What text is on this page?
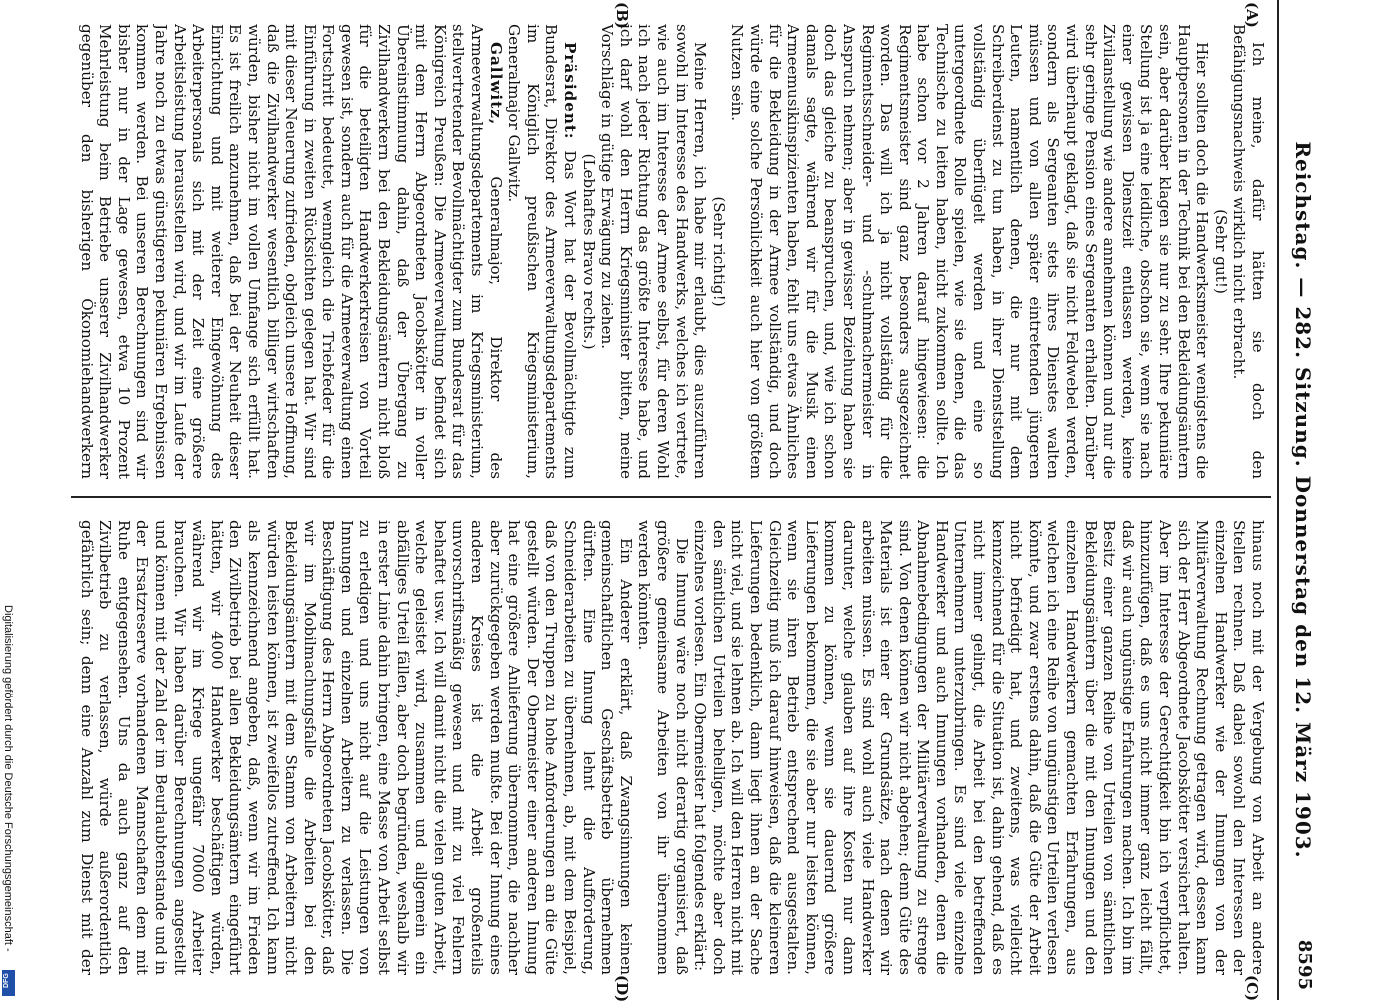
Reichstag. — 282. Sitzung. Donnerstag den 12. März 1903.
8595
(A)
(B)
(C)
(D)

Ich meine, dafür hätten sie doch den Befähigungsnachweis wirklich nicht erbracht.

(Sehr gut!)

Hier sollten doch die Handwerksmeister wenigstens die Hauptpersonen in der Technik bei den Bekleidungsämtern sein, aber darüber klagen sie nur zu sehr. Ihre pekuniäre Stellung ist ja eine leidliche, obschon sie, wenn sie nach einer gewissen Dienstzeit entlassen werden, keine Zivilanstellung wie andere annehmen können und nur die sehr geringe Pension eines Sergeanten erhalten. Darüber wird überhaupt geklagt, daß sie nicht Feldwebel werden, sondern als Sergeanten stets ihres Dienstes walten müssen und von allen später eintretenden jüngeren Leuten, namentlich denen, die nur mit dem Schreiberdienst zu tun haben, in ihrer Dienststellung vollständig überflügelt werden und eine so untergeordnete Rolle spielen, wie sie denen, die das Technische zu leiten haben, nicht zukommen sollte. Ich habe schon vor 2 Jahren darauf hingewiesen: die Regimentsmeister sind ganz besonders ausgezeichnet worden. Das will ich ja nicht vollständig für die Regimentsschneider- und -schuhmachermeister in Anspruch nehmen; aber in gewisser Beziehung haben sie doch das gleiche zu beanspruchen, und, wie ich schon damals sagte, während wir für die Musik einen Armeemusikinspizienten haben, fehlt uns etwas Ähnliches für die Bekleidung in der Armee vollständig, und doch würde eine solche Persönlichkeit auch hier von größtem Nutzen sein.

(Sehr richtig!)

Meine Herren, ich habe mir erlaubt, dies auszuführen sowohl im Interesse des Handwerks, welches ich vertrete, wie auch im Interesse der Armee selbst, für deren Wohl ich nach jeder Richtung das größte Interesse habe, und ich darf wohl den Herrn Kriegsminister bitten, meine Vorschläge in gütige Erwägung zu ziehen.

(Lebhaftes Bravo rechts.)

Präsident: Das Wort hat der Bevollmächtigte zum Bundesrat, Direktor des Armeeverwaltungsdepartements im Königlich preußischen Kriegsministerium, Generalmajor Gallwitz.

Gallwitz, Generalmajor, Direktor des Armeeverwaltungsdepartements im Kriegsministerium, stellvertretender Bevollmächtigter zum Bundesrat für das Königreich Preußen: Die Armeeverwaltung befindet sich mit dem Herrn Abgeordneten Jacobskötter in voller Übereinstimmung dahin, daß der Übergang zu Zivilhandwerkern bei den Bekleidungsämtern nicht bloß für die beteiligten Handwerkerkreisen von Vorteil gewesen ist, sondern auch für die Armeeverwaltung einen Fortschritt bedeutet, wenngleich die Triebfeder für die Einführung in zweiten Rücksichten gelegen hat. Wir sind mit dieser Neuerung zufrieden, obgleich unsere Hoffnung, daß die Zivilhandwerker wesentlich billiger wirtschaften würden, bisher nicht im vollen Umfange sich erfüllt hat. Es ist freilich anzunehmen, daß bei der Neuheit dieser Einrichtung und mit weiterer Eingewöhnung des Arbeiterpersonals sich mit der Zeit eine größere Arbeitsleistung herausstellen wird, und wir im Laufe der Jahre noch zu etwas günstigeren pekuniären Ergebnissen kommen werden. Bei unseren Berechnungen sind wir bisher nur in der Lage gewesen, etwa 10 Prozent Mehrleistung beim Betriebe unserer Zivilhandwerker gegenüber den bisherigen Ökonomiehandwerkern

hinaus noch mit der Vergebung von Arbeit an andere Stellen rechnen. Daß dabei sowohl den Interessen der einzelnen Handwerker wie der Innungen von der Militärverwaltung Rechnung getragen wird, dessen kann sich der Herr Abgeordnete Jacobskötter versichert halten. Aber im Interesse der Gerechtigkeit bin ich verpflichtet, hinzuzufügen, daß es uns nicht immer ganz leicht fällt, daß wir auch ungünstige Erfahrungen machen. Ich bin im Besitz einer ganzen Reihe von Urteilen von sämtlichen Bekleidungsämtern über die mit den Innungen und den einzelnen Handwerkern gemachten Erfahrungen, aus welchen ich eine Reihe von ungünstigen Urteilen verlesen könnte, und zwar erstens dahin, daß die Güte der Arbeit nicht befriedigt hat, und zweitens, was vielleicht kennzeichnend für die Situation ist, dahin gehend, daß es nicht immer gelingt, die Arbeit bei den betreffenden Unternehmern unterzubringen. Es sind viele einzelne Handwerker und auch Innungen vorhanden, denen die Abnahmebedingungen der Militärverwaltung zu strenge sind. Von denen können wir nicht abgehen; denn Güte des Materials ist einer der Grundsätze, nach denen wir arbeiten müssen. Es sind wohl auch viele Handwerker darunter, welche glauben auf ihre Kosten nur dann kommen zu können, wenn sie dauernd größere Lieferungen bekommen, die sie aber nur leisten können, wenn sie ihren Betrieb entsprechend ausgestalten. Gleichzeitig muß ich darauf hinweisen, daß die kleineren Lieferungen bedenklich, dann liegt ihnen an der Sache nicht viel, und sie lehnen ab. Ich will den Herren nicht mit den sämtlichen Urteilen behelligen, möchte aber doch einzelnes vorlesen. Ein Obermeister hat folgendes erklärt:

Die Innung wäre noch nicht derartig organisiert, daß größere gemeinsame Arbeiten von ihr übernommen werden könnten.

Ein Anderer erklärt, daß Zwangsinnungen keinen gemeinschaftlichen Geschäftsbetrieb übernehmen dürften. Eine Innung lehnt die Aufforderung, Schneiderarbeiten zu übernehmen, ab, mit dem Beispiel, daß von den Truppen zu hohe Anforderungen an die Güte gestellt würden. Der Obermeister einer anderen Innung hat eine größere Anlieferung übernommen, die nachher aber zurückgegeben werden mußte. Bei der Innung eines anderen Kreises ist die Arbeit großenteils unvorschriftsmäßig gewesen und mit zu viel Fehlern behaftet usw. Ich will damit nicht die vielen guten Arbeit, welche geleistet wird, zusammen und allgemein ein abfälliges Urteil fällen, aber doch begründen, weshalb wir in erster Linie dahin bringen, eine Masse von Arbeit selbst zu erledigen und uns nicht auf die Leistungen von Innungen und einzelnen Arbeitern zu verlassen. Die Beschäftigung des Herrn Abgeordneten Jacobskötter, daß wir im Mobilmachungsfalle die Arbeiten bei den Bekleidungsämtern mit dem Stamm von Arbeitern nicht würden leisten können, ist zweifellos zutreffend. Ich kann als kennzeichnend angeben, daß, wenn wir im Frieden den Zivilbetrieb bei allen Bekleidungsämtern eingeführt hätten, wir 4000 Handwerker beschäftigen würden, während wir im Kriege ungefähr 70000 Arbeiter brauchen. Wir haben darüber Berechnungen angestellt und können mit der Zahl der im Beurlaubtenstande und in der Ersatzreserve vorhandenen Mannschaften dem mit Ruhe entgegensehen. Uns da auch ganz auf den Zivilbetrieb zu verlassen, würde außerordentlich gefährlich sein; denn eine Anzahl zum Dienst mit der

Digitalisierung gefördert durch die Deutsche Forschungsgemeinschaft -
DFG
